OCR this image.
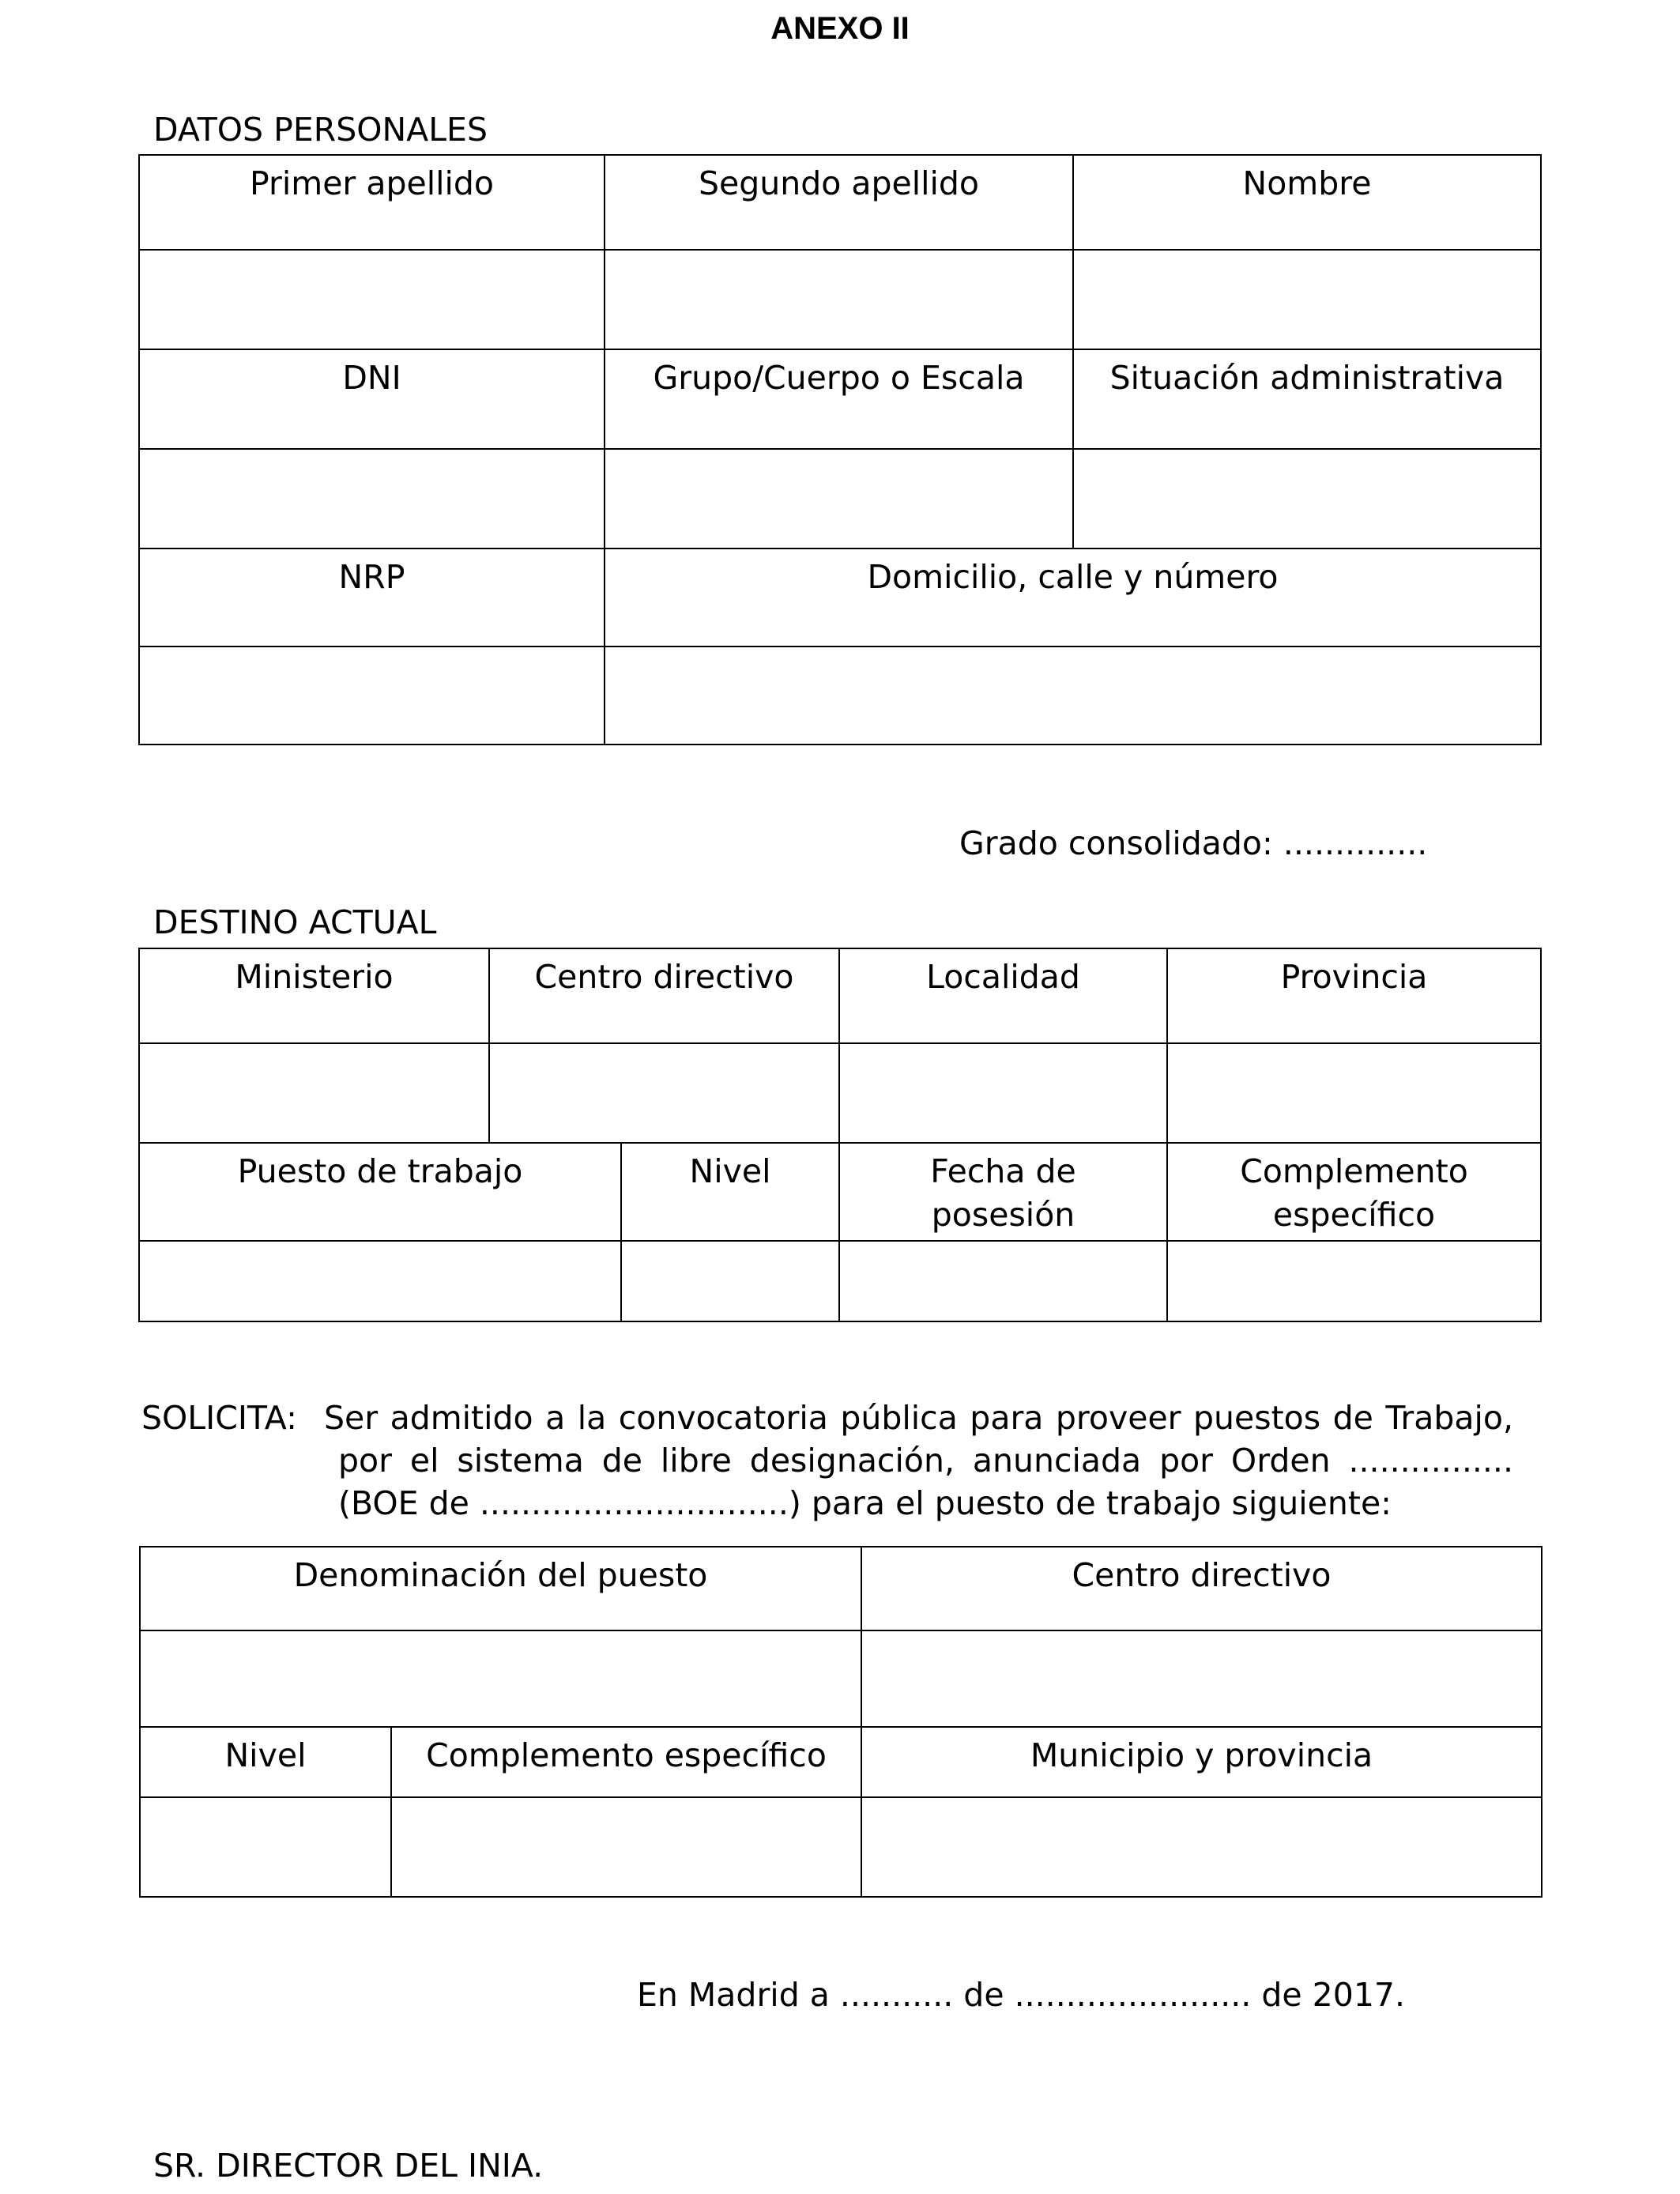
ANEXO II
DATOS PERSONALES
Primer apellido	Segundo apellido	Nombre

DNI	Grupo/Cuerpo o Escala	Situación administrativa

NRP	Domicilio, calle y número	

Grado consolidado: ..............
DESTINO ACTUAL
Ministerio	Centro directivo		Localidad	Provincia

Puesto de trabajo		Nivel	Fecha de posesión	Complemento específico

SOLICITA: Ser admitido a la convocatoria pública para proveer puestos de Trabajo,
por el sistema de libre designación, anunciada por Orden ................
(BOE de ..............................) para el puesto de trabajo siguiente:
Denominación del puesto		Centro directivo

Nivel	Complemento específico	Municipio y provincia

En Madrid a ........... de ....................... de 2017.
SR. DIRECTOR DEL INIA.
